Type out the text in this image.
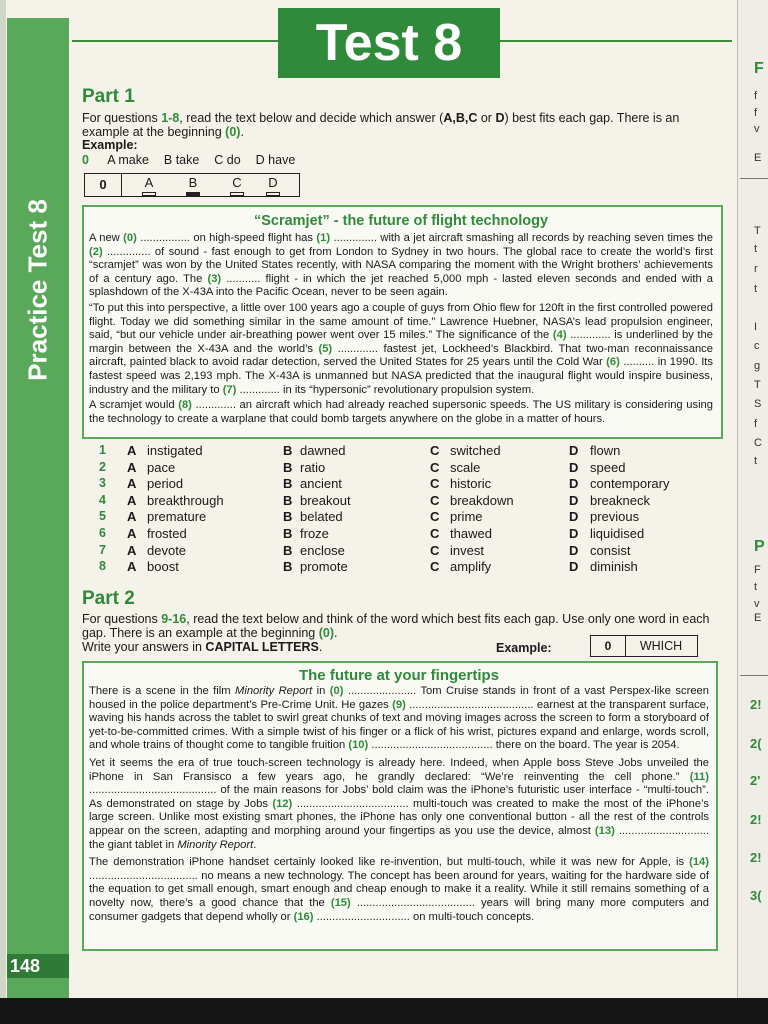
Practice Test 8
148
Test 8	F
f
f
v
E
T
t
r
t
I
c
g
T
S
f
C
t
P
F
t
v
E
2!
2(
2'
2!
2!
3(
Part 1
For questions 1-8, read the text below and decide which answer (A,B,C or D) best fits each gap. There is an example at the beginning (0).
Example:
0 A make B take C do D have
0	A	B	C	D
“Scramjet” - the future of flight technology

A new (0) ................ on high-speed flight has (1) .............. with a jet aircraft smashing all records by reaching seven times the (2) .............. of sound - fast enough to get from London to Sydney in two hours. The global race to create the world’s first “scramjet” was won by the United States recently, with NASA comparing the moment with the Wright brothers’ achievements of a century ago. The (3) ........... flight - in which the jet reached 5,000 mph - lasted eleven seconds and ended with a splashdown of the X-43A into the Pacific Ocean, never to be seen again.

“To put this into perspective, a little over 100 years ago a couple of guys from Ohio flew for 120ft in the first controlled powered flight. Today we did something similar in the same amount of time.” Lawrence Huebner, NASA’s lead propulsion engineer, said, “but our vehicle under air-breathing power went over 15 miles.” The significance of the (4) ............. is underlined by the margin between the X-43A and the world’s (5) ............. fastest jet, Lockheed’s Blackbird. That two-man reconnaissance aircraft, painted black to avoid radar detection, served the United States for 25 years until the Cold War (6) .......... in 1990. Its fastest speed was 2,193 mph. The X-43A is unmanned but NASA predicted that the inaugural flight would inspire business, industry and the military to (7) ............. in its “hypersonic” revolutionary propulsion system.

A scramjet would (8) ............. an aircraft which had already reached supersonic speeds. The US military is considering using the technology to create a warplane that could bomb targets anywhere on the globe in a matter of hours.

1 A instigated	B dawned	C switched	D flown
2 A pace	B ratio	C scale	D speed
3 A period	B ancient	C historic	D contemporary
4 A breakthrough	B breakout	C breakdown	D breakneck
5 A premature	B belated	C prime	D previous
6 A frosted	B froze	C thawed	D liquidised
7 A devote	B enclose	C invest	D consist
8 A boost	B promote	C amplify	D diminish
Part 2
For questions 9-16, read the text below and think of the word which best fits each gap. Use only one word in each gap. There is an example at the beginning (0).
Write your answers in CAPITAL LETTERS.	Example:	0	WHICH
The future at your fingertips

There is a scene in the film Minority Report in (0) ...................... Tom Cruise stands in front of a vast Perspex-like screen housed in the police department’s Pre-Crime Unit. He gazes (9) ........................................ earnest at the transparent surface, waving his hands across the tablet to swirl great chunks of text and moving images across the screen to form a storyboard of yet-to-be-committed crimes. With a simple twist of his finger or a flick of his wrist, pictures expand and enlarge, words scroll, and whole trains of thought come to tangible fruition (10) ....................................... there on the board. The year is 2054.

Yet it seems the era of true touch-screen technology is already here. Indeed, when Apple boss Steve Jobs unveiled the iPhone in San Fransisco a few years ago, he grandly declared: “We’re reinventing the cell phone.” (11) ......................................... of the main reasons for Jobs’ bold claim was the iPhone’s futuristic user interface - “multi-touch”. As demonstrated on stage by Jobs (12) .................................... multi-touch was created to make the most of the iPhone’s large screen. Unlike most existing smart phones, the iPhone has only one conventional button - all the rest of the controls appear on the screen, adapting and morphing around your fingertips as you use the device, almost (13) ............................. the giant tablet in Minority Report.

The demonstration iPhone handset certainly looked like re-invention, but multi-touch, while it was new for Apple, is (14) ................................... no means a new technology. The concept has been around for years, waiting for the hardware side of the equation to get small enough, smart enough and cheap enough to make it a reality. While it still remains something of a novelty now, there’s a good chance that the (15) ...................................... years will bring many more computers and consumer gadgets that depend wholly or (16) .............................. on multi-touch concepts.
